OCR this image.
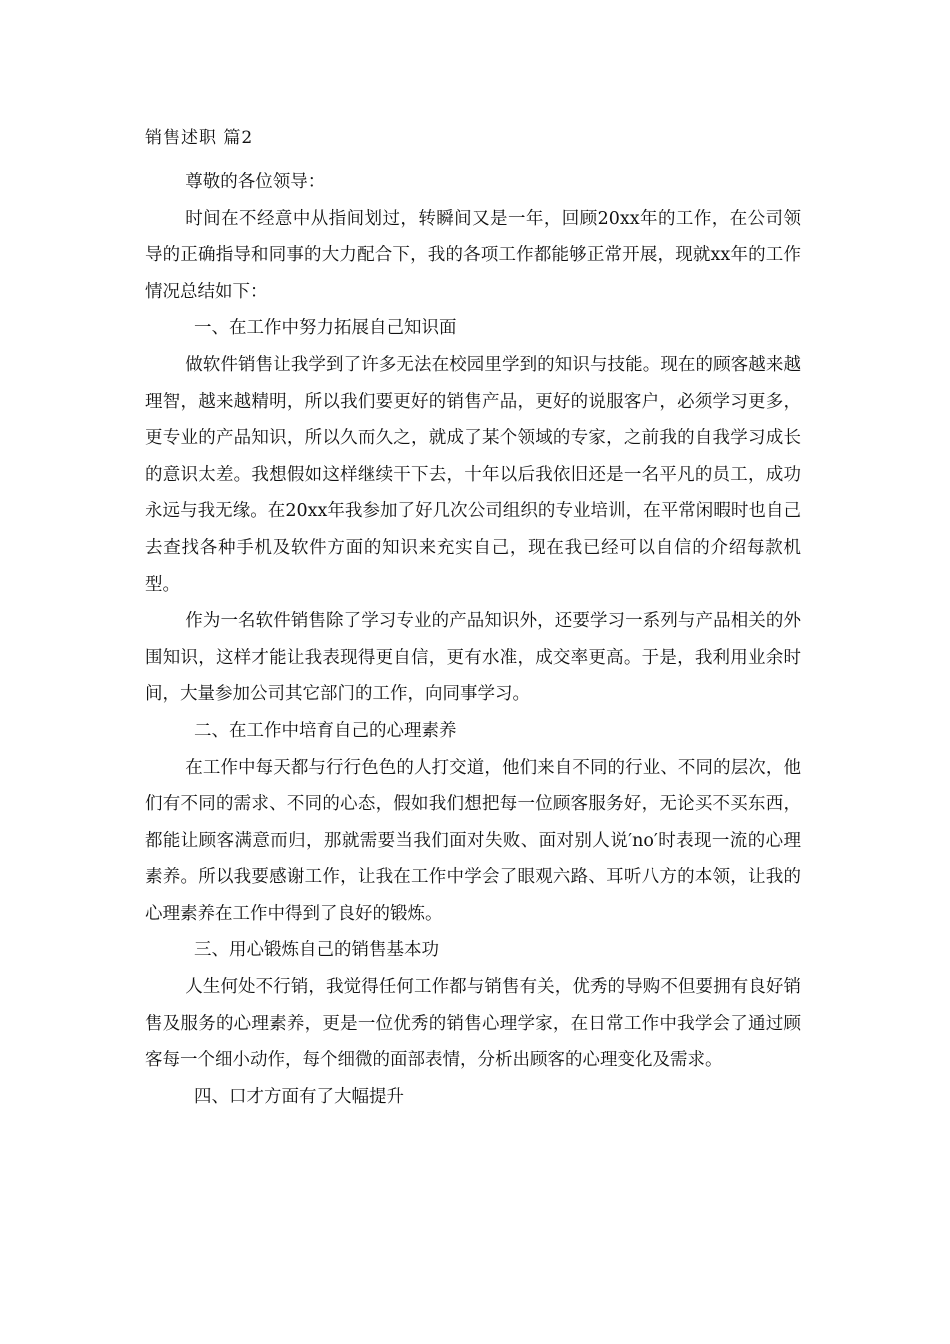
销售述职 篇2

尊敬的各位领导：

时间在不经意中从指间划过，转瞬间又是一年，回顾20xx年的工作，在公司领导的正确指导和同事的大力配合下，我的各项工作都能够正常开展，现就xx年的工作情况总结如下：

一、在工作中努力拓展自己知识面

做软件销售让我学到了许多无法在校园里学到的知识与技能。现在的顾客越来越理智，越来越精明，所以我们要更好的销售产品，更好的说服客户，必须学习更多，更专业的产品知识，所以久而久之，就成了某个领域的专家，之前我的自我学习成长的意识太差。我想假如这样继续干下去，十年以后我依旧还是一名平凡的员工，成功永远与我无缘。在20xx年我参加了好几次公司组织的专业培训，在平常闲暇时也自己去查找各种手机及软件方面的知识来充实自己，现在我已经可以自信的介绍每款机型。

作为一名软件销售除了学习专业的产品知识外，还要学习一系列与产品相关的外围知识，这样才能让我表现得更自信，更有水准，成交率更高。于是，我利用业余时间，大量参加公司其它部门的工作，向同事学习。

二、在工作中培育自己的心理素养

在工作中每天都与行行色色的人打交道，他们来自不同的行业、不同的层次，他们有不同的需求、不同的心态，假如我们想把每一位顾客服务好，无论买不买东西，都能让顾客满意而归，那就需要当我们面对失败、面对别人说′no′时表现一流的心理素养。所以我要感谢工作，让我在工作中学会了眼观六路、耳听八方的本领，让我的心理素养在工作中得到了良好的锻炼。

三、用心锻炼自己的销售基本功

人生何处不行销，我觉得任何工作都与销售有关，优秀的导购不但要拥有良好销售及服务的心理素养，更是一位优秀的销售心理学家，在日常工作中我学会了通过顾客每一个细小动作，每个细微的面部表情，分析出顾客的心理变化及需求。

四、口才方面有了大幅提升
